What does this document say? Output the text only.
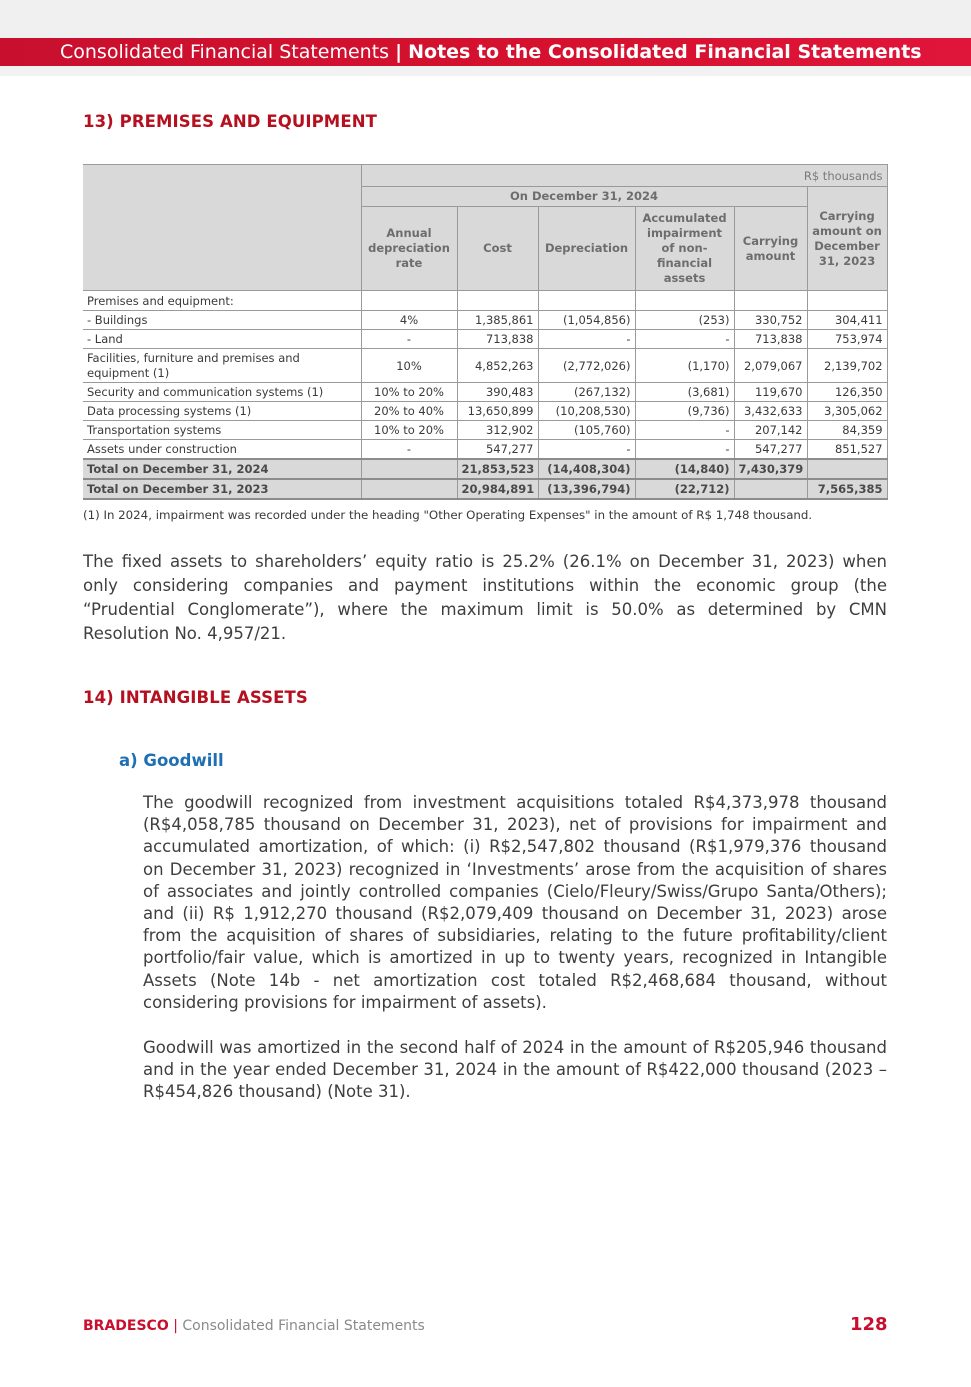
Consolidated Financial Statements | Notes to the Consolidated Financial Statements
13) PREMISES AND EQUIPMENT
	R$ thousands					
	On December 31, 2024					Carrying amount on December 31, 2023
	Annual depreciation rate	Cost	Depreciation	Accumulated impairment of non-financial assets	Carrying amount	
Premises and equipment:						
- Buildings	4%	1,385,861	(1,054,856)	(253)	330,752	304,411
- Land	-	713,838	-	-	713,838	753,974
Facilities, furniture and premises and equipment (1)	10%	4,852,263	(2,772,026)	(1,170)	2,079,067	2,139,702
Security and communication systems (1)	10% to 20%	390,483	(267,132)	(3,681)	119,670	126,350
Data processing systems (1)	20% to 40%	13,650,899	(10,208,530)	(9,736)	3,432,633	3,305,062
Transportation systems	10% to 20%	312,902	(105,760)	-	207,142	84,359
Assets under construction	-	547,277	-	-	547,277	851,527
Total on December 31, 2024		21,853,523	(14,408,304)	(14,840)	7,430,379	
Total on December 31, 2023		20,984,891	(13,396,794)	(22,712)		7,565,385
(1) In 2024, impairment was recorded under the heading "Other Operating Expenses" in the amount of R$ 1,748 thousand.
The fixed assets to shareholders’ equity ratio is 25.2% (26.1% on December 31, 2023) when only considering companies and payment institutions within the economic group (the “Prudential Conglomerate”), where the maximum limit is 50.0% as determined by CMN Resolution No. 4,957/21.
14) INTANGIBLE ASSETS
a) Goodwill
The goodwill recognized from investment acquisitions totaled R$4,373,978 thousand (R$4,058,785 thousand on December 31, 2023), net of provisions for impairment and accumulated amortization, of which: (i) R$2,547,802 thousand (R$1,979,376 thousand on December 31, 2023) recognized in ‘Investments’ arose from the acquisition of shares of associates and jointly controlled companies (Cielo/Fleury/Swiss/Grupo Santa/Others); and (ii) R$ 1,912,270 thousand (R$2,079,409 thousand on December 31, 2023) arose from the acquisition of shares of subsidiaries, relating to the future profitability/client portfolio/fair value, which is amortized in up to twenty years, recognized in Intangible Assets (Note 14b - net amortization cost totaled R$2,468,684 thousand, without considering provisions for impairment of assets).
Goodwill was amortized in the second half of 2024 in the amount of R$205,946 thousand and in the year ended December 31, 2024 in the amount of R$422,000 thousand (2023 – R$454,826 thousand) (Note 31).
BRADESCO | Consolidated Financial Statements	128
